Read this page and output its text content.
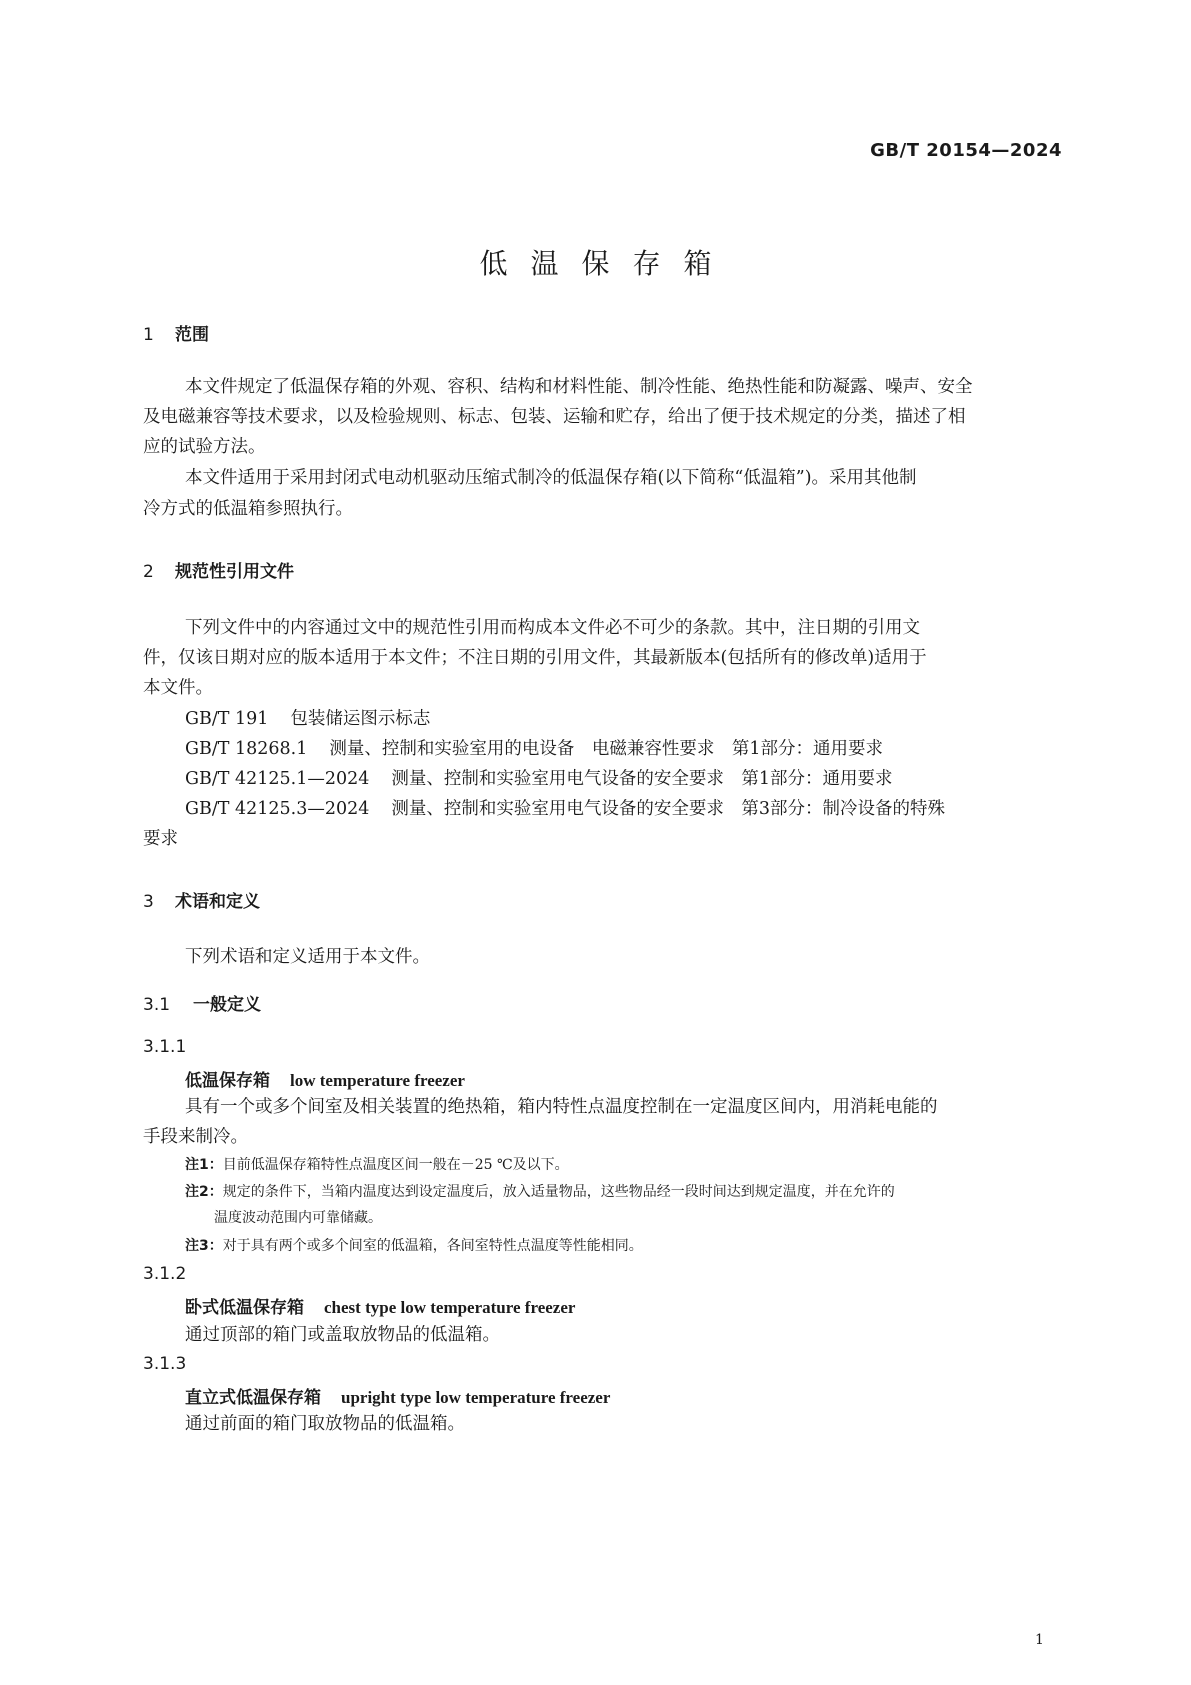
GB/T 20154—2024
低温保存箱
1 范围
本文件规定了低温保存箱的外观、容积、结构和材料性能、制冷性能、绝热性能和防凝露、噪声、安全
及电磁兼容等技术要求，以及检验规则、标志、包装、运输和贮存，给出了便于技术规定的分类，描述了相
应的试验方法。
本文件适用于采用封闭式电动机驱动压缩式制冷的低温保存箱(以下简称“低温箱”)。采用其他制
冷方式的低温箱参照执行。
2 规范性引用文件
下列文件中的内容通过文中的规范性引用而构成本文件必不可少的条款。其中，注日期的引用文
件，仅该日期对应的版本适用于本文件；不注日期的引用文件，其最新版本(包括所有的修改单)适用于
本文件。
GB/T 191 包装储运图示标志
GB/T 18268.1 测量、控制和实验室用的电设备　电磁兼容性要求　第1部分：通用要求
GB/T 42125.1—2024 测量、控制和实验室用电气设备的安全要求　第1部分：通用要求
GB/T 42125.3—2024 测量、控制和实验室用电气设备的安全要求　第3部分：制冷设备的特殊
要求
3 术语和定义
下列术语和定义适用于本文件。
3.1 一般定义
3.1.1
低温保存箱 low temperature freezer
具有一个或多个间室及相关装置的绝热箱，箱内特性点温度控制在一定温度区间内，用消耗电能的
手段来制冷。
注1：目前低温保存箱特性点温度区间一般在－25 ℃及以下。
注2：规定的条件下，当箱内温度达到设定温度后，放入适量物品，这些物品经一段时间达到规定温度，并在允许的
温度波动范围内可靠储藏。
注3：对于具有两个或多个间室的低温箱，各间室特性点温度等性能相同。
3.1.2
卧式低温保存箱 chest type low temperature freezer
通过顶部的箱门或盖取放物品的低温箱。
3.1.3
直立式低温保存箱 upright type low temperature freezer
通过前面的箱门取放物品的低温箱。
1
